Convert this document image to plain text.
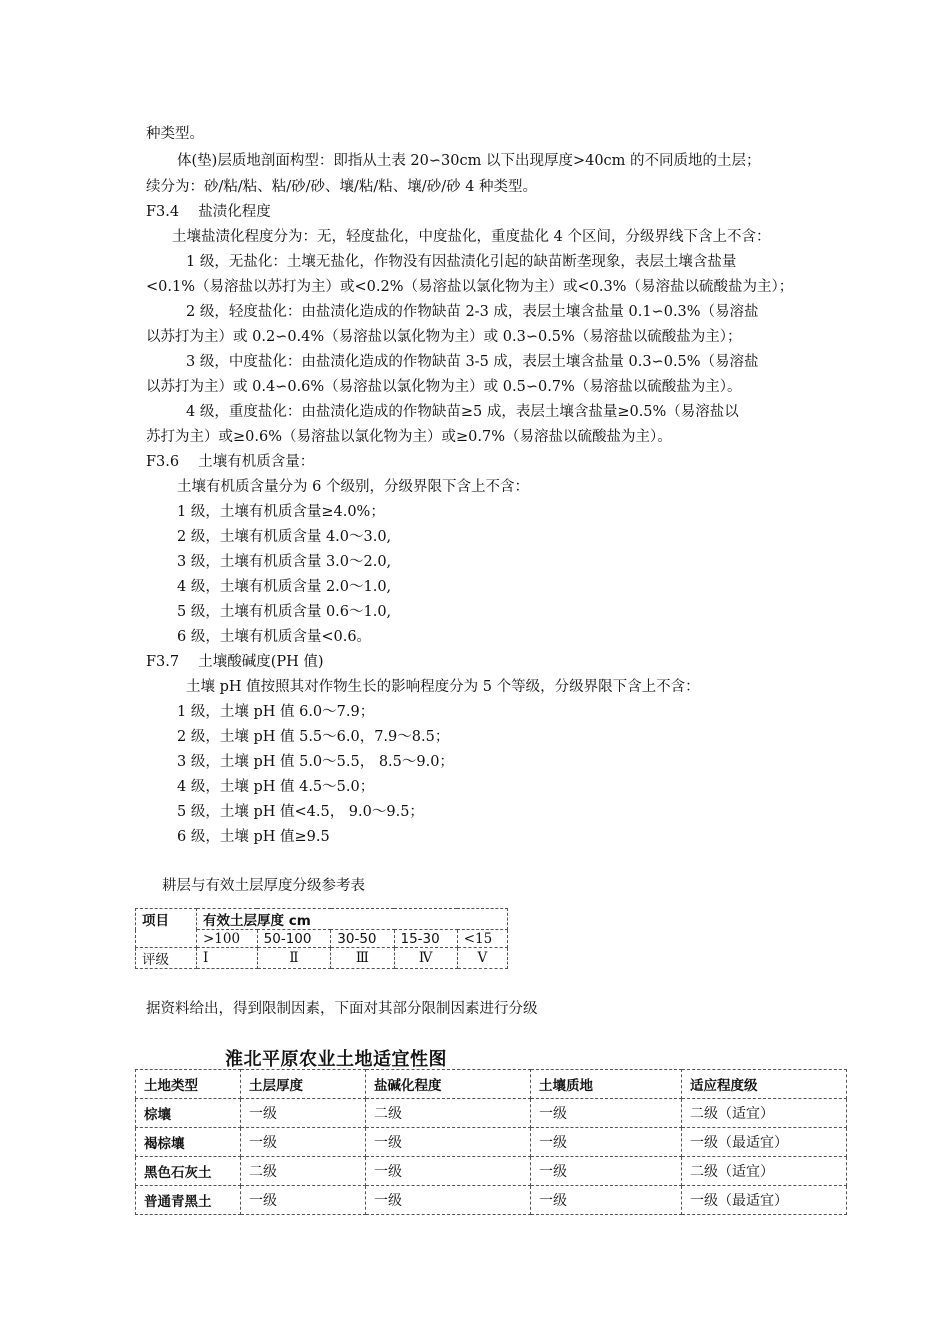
种类型。
体(垫)层质地剖面构型：即指从土表 20∽30cm 以下出现厚度>40cm 的不同质地的土层；
续分为：砂/粘/粘、粘/砂/砂、壤/粘/粘、壤/砂/砂 4 种类型。
F3.4　 盐渍化程度
土壤盐渍化程度分为：无，轻度盐化，中度盐化，重度盐化 4 个区间，分级界线下含上不含：
1 级，无盐化：土壤无盐化，作物没有因盐渍化引起的缺苗断垄现象，表层土壤含盐量
<0.1%（易溶盐以苏打为主）或<0.2%（易溶盐以氯化物为主）或<0.3%（易溶盐以硫酸盐为主）；
2 级，轻度盐化：由盐渍化造成的作物缺苗 2-3 成，表层土壤含盐量 0.1∽0.3%（易溶盐
以苏打为主）或 0.2∽0.4%（易溶盐以氯化物为主）或 0.3∽0.5%（易溶盐以硫酸盐为主）；
3 级，中度盐化：由盐渍化造成的作物缺苗 3-5 成，表层土壤含盐量 0.3∽0.5%（易溶盐
以苏打为主）或 0.4∽0.6%（易溶盐以氯化物为主）或 0.5∽0.7%（易溶盐以硫酸盐为主）。
4 级，重度盐化：由盐渍化造成的作物缺苗≥5 成，表层土壤含盐量≥0.5%（易溶盐以
苏打为主）或≥0.6%（易溶盐以氯化物为主）或≥0.7%（易溶盐以硫酸盐为主）。
F3.6　 土壤有机质含量：
土壤有机质含量分为 6 个级别，分级界限下含上不含：
1 级，土壤有机质含量≥4.0%；
2 级，土壤有机质含量 4.0～3.0,
3 级，土壤有机质含量 3.0～2.0,
4 级，土壤有机质含量 2.0～1.0,
5 级，土壤有机质含量 0.6～1.0,
6 级，土壤有机质含量<0.6。
F3.7　 土壤酸碱度(PH 值)
土壤 pH 值按照其对作物生长的影响程度分为 5 个等级，分级界限下含上不含：
1 级，土壤 pH 值 6.0～7.9；
2 级，土壤 pH 值 5.5～6.0，7.9～8.5；
3 级，土壤 pH 值 5.0～5.5， 8.5～9.0；
4 级，土壤 pH 值 4.5～5.0；
5 级，土壤 pH 值<4.5， 9.0～9.5；
6 级，土壤 pH 值≥9.5
耕层与有效土层厚度分级参考表
项目	有效土层厚度 cm				
	>100	50-100	30-50	15-30	<15
评级	Ⅰ	Ⅱ	Ⅲ	Ⅳ	Ⅴ
据资料给出，得到限制因素，下面对其部分限制因素进行分级
淮北平原农业土地适宜性图
土地类型	土层厚度	盐碱化程度	土壤质地	适应程度级
棕壤	一级	二级	一级	二级（适宜）
褐棕壤	一级	一级	一级	一级（最适宜）
黑色石灰土	二级	一级	一级	二级（适宜）
普通青黑土	一级	一级	一级	一级（最适宜）
